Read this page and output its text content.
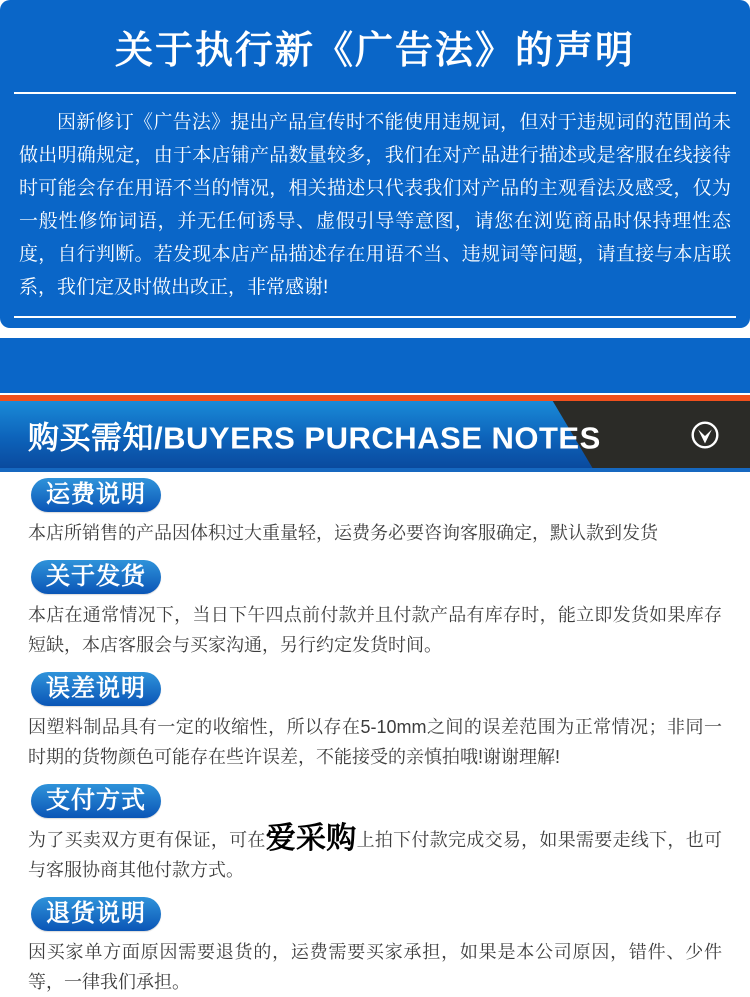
关于执行新《广告法》的声明
因新修订《广告法》提出产品宣传时不能使用违规词，但对于违规词的范围尚未做出明确规定，由于本店铺产品数量较多，我们在对产品进行描述或是客服在线接待时可能会存在用语不当的情况，相关描述只代表我们对产品的主观看法及感受，仅为一般性修饰词语，并无任何诱导、虚假引导等意图，请您在浏览商品时保持理性态度，自行判断。若发现本店产品描述存在用语不当、违规词等问题，请直接与本店联系，我们定及时做出改正，非常感谢!
购买需知/BUYERS PURCHASE NOTES
运费说明
本店所销售的产品因体积过大重量轻，运费务必要咨询客服确定，默认款到发货
关于发货
本店在通常情况下，当日下午四点前付款并且付款产品有库存时，能立即发货如果库存短缺，本店客服会与买家沟通，另行约定发货时间。
误差说明
因塑料制品具有一定的收缩性，所以存在5-10mm之间的误差范围为正常情况；非同一时期的货物颜色可能存在些许误差，不能接受的亲慎拍哦!谢谢理解!
支付方式
为了买卖双方更有保证，可在爱采购上拍下付款完成交易，如果需要走线下，也可与客服协商其他付款方式。
退货说明
因买家单方面原因需要退货的，运费需要买家承担，如果是本公司原因，错件、少件等，一律我们承担。
